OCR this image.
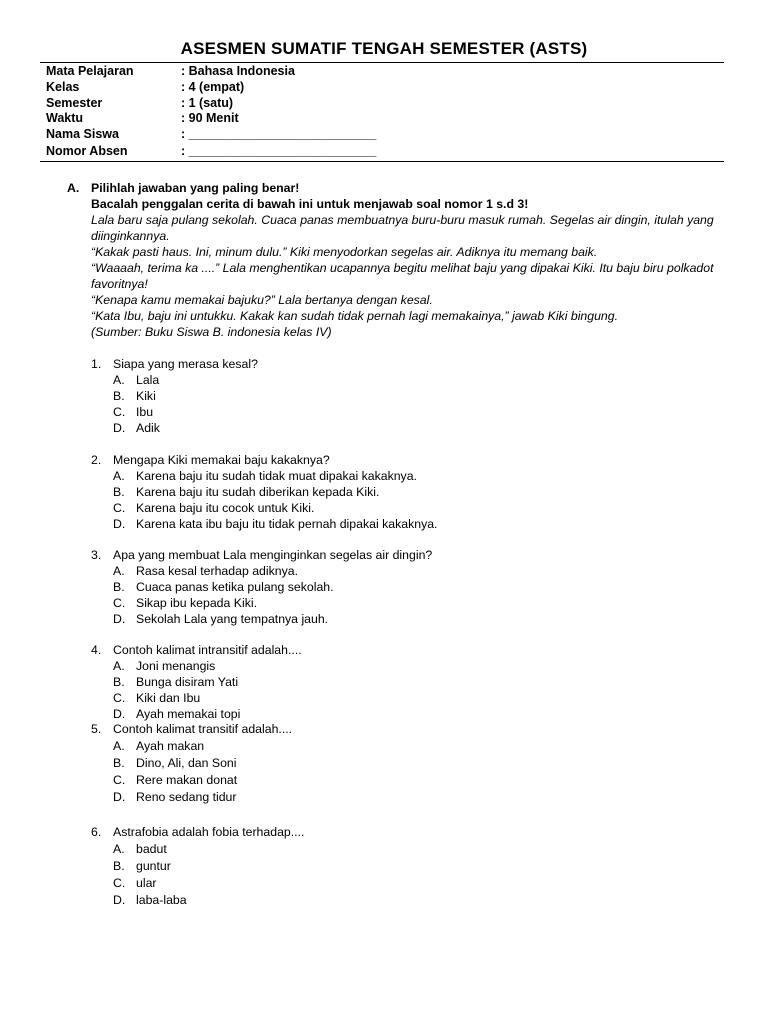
ASESMEN SUMATIF TENGAH SEMESTER (ASTS)
Mata Pelajaran	: Bahasa Indonesia
Kelas	: 4 (empat)
Semester	: 1 (satu)
Waktu	: 90 Menit
Nama Siswa	: ___________________________
Nomor Absen	: ___________________________
A. Pilihlah jawaban yang paling benar!
Bacalah penggalan cerita di bawah ini untuk menjawab soal nomor 1 s.d 3!

Lala baru saja pulang sekolah. Cuaca panas membuatnya buru-buru masuk rumah. Segelas air dingin, itulah yang diinginkannya.

“Kakak pasti haus. Ini, minum dulu.” Kiki menyodorkan segelas air. Adiknya itu memang baik.

“Waaaah, terima ka ....” Lala menghentikan ucapannya begitu melihat baju yang dipakai Kiki. Itu baju biru polkadot favoritnya!

“Kenapa kamu memakai bajuku?” Lala bertanya dengan kesal.

“Kata Ibu, baju ini untukku. Kakak kan sudah tidak pernah lagi memakainya,” jawab Kiki bingung.

(Sumber: Buku Siswa B. indonesia kelas IV)

1. Siapa yang merasa kesal?
A. Lala
B. Kiki
C. Ibu
D. Adik
2. Mengapa Kiki memakai baju kakaknya?
A. Karena baju itu sudah tidak muat dipakai kakaknya.
B. Karena baju itu sudah diberikan kepada Kiki.
C. Karena baju itu cocok untuk Kiki.
D. Karena kata ibu baju itu tidak pernah dipakai kakaknya.
3. Apa yang membuat Lala menginginkan segelas air dingin?
A. Rasa kesal terhadap adiknya.
B. Cuaca panas ketika pulang sekolah.
C. Sikap ibu kepada Kiki.
D. Sekolah Lala yang tempatnya jauh.
4. Contoh kalimat intransitif adalah....
A. Joni menangis
B. Bunga disiram Yati
C. Kiki dan Ibu
D. Ayah memakai topi
5. Contoh kalimat transitif adalah....
A. Ayah makan
B. Dino, Ali, dan Soni
C. Rere makan donat
D. Reno sedang tidur
6. Astrafobia adalah fobia terhadap....
A. badut
B. guntur
C. ular
D. laba-laba
